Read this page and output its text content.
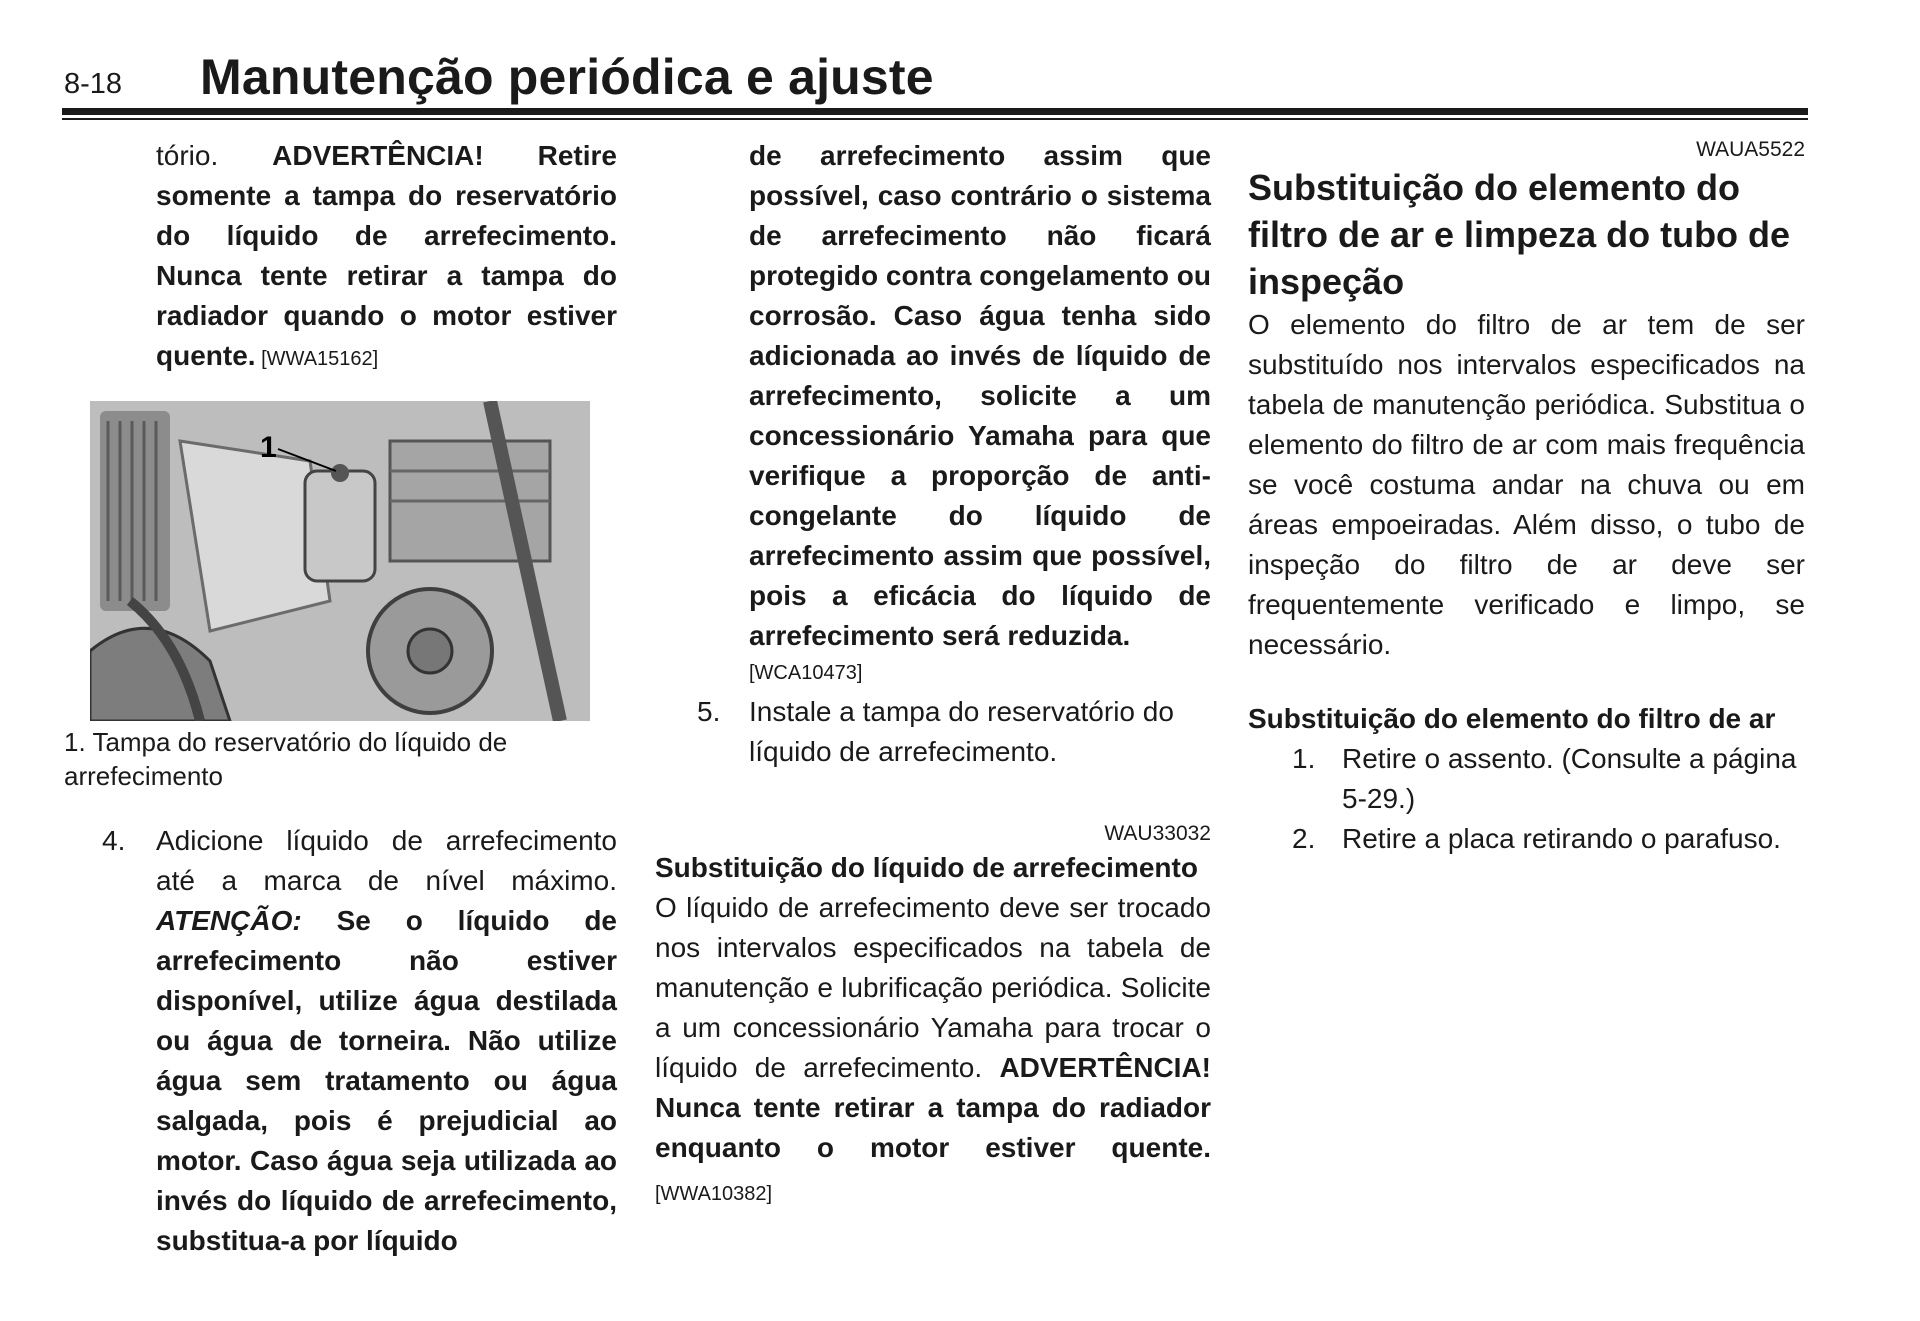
8-18 Manutenção periódica e ajuste

tório. ADVERTÊNCIA! Retire somente a tampa do reservatório do líquido de arrefecimento. Nunca tente retirar a tampa do radiador quando o motor estiver quente. [WWA15162]

1

1. Tampa do reservatório do líquido de arrefecimento

4. Adicione líquido de arrefecimento até a marca de nível máximo. ATENÇÃO: Se o líquido de arrefecimento não estiver disponível, utilize água destilada ou água de torneira. Não utilize água sem tratamento ou água salgada, pois é prejudicial ao motor. Caso água seja utilizada ao invés do líquido de arrefecimento, substitua-a por líquido

de arrefecimento assim que possível, caso contrário o sistema de arrefecimento não ficará protegido contra congelamento ou corrosão. Caso água tenha sido adicionada ao invés de líquido de arrefecimento, solicite a um concessionário Yamaha para que verifique a proporção de anti-congelante do líquido de arrefecimento assim que possível, pois a eficácia do líquido de arrefecimento será reduzida.

[WCA10473]
5. Instale a tampa do reservatório do líquido de arrefecimento.

WAU33032
Substituição do líquido de arrefecimento

O líquido de arrefecimento deve ser trocado nos intervalos especificados na tabela de manutenção e lubrificação periódica. Solicite a um concessionário Yamaha para trocar o líquido de arrefecimento. ADVERTÊNCIA! Nunca tente retirar a tampa do radiador enquanto o motor estiver quente. [WWA10382]

WAUA5522
Substituição do elemento do filtro de ar e limpeza do tubo de inspeção

O elemento do filtro de ar tem de ser substituído nos intervalos especificados na tabela de manutenção periódica. Substitua o elemento do filtro de ar com mais frequência se você costuma andar na chuva ou em áreas empoeiradas. Além disso, o tubo de inspeção do filtro de ar deve ser frequentemente verificado e limpo, se necessário.

Substituição do elemento do filtro de ar
1. Retire o assento. (Consulte a página 5-29.)

2. Retire a placa retirando o parafuso.
